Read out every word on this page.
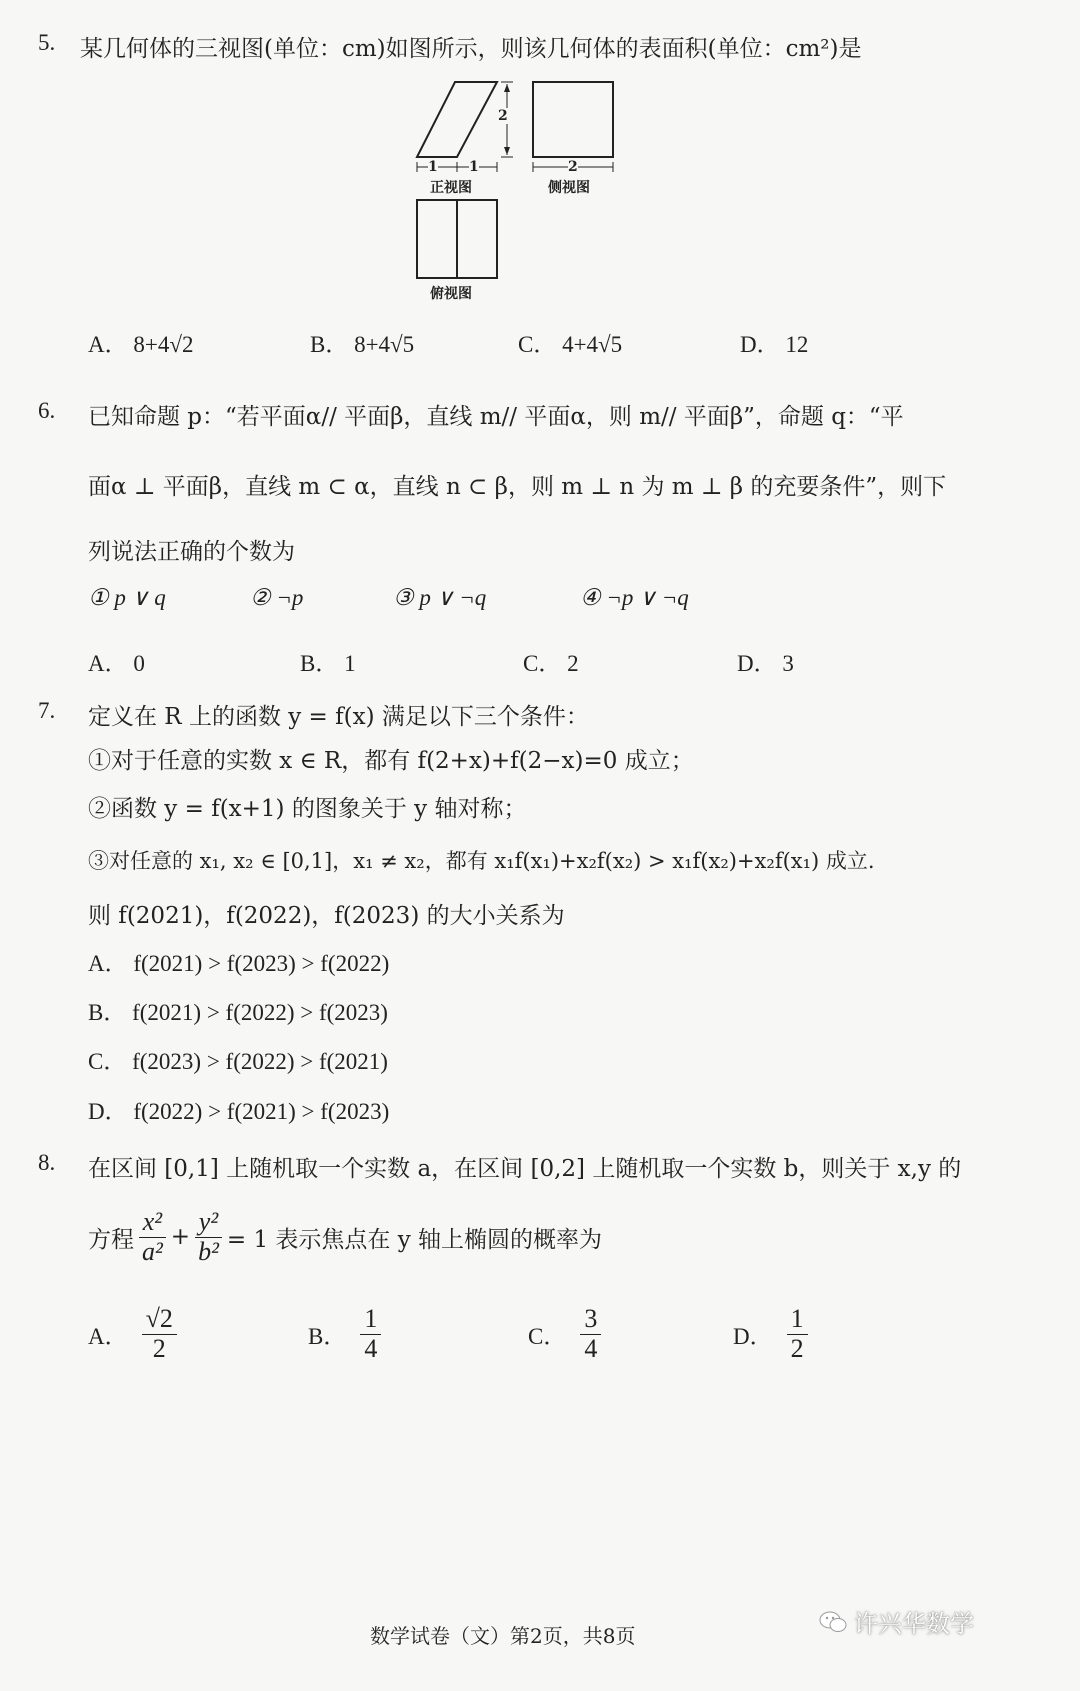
5. 某几何体的三视图(单位：cm)如图所示，则该几何体的表面积(单位：cm²)是
2
1 1	2
正视图	侧视图
俯视图
A． 8+4√2	B． 8+4√5	C． 4+4√5	D． 12
6. 已知命题 p：“若平面α// 平面β，直线 m// 平面α，则 m// 平面β”，命题 q：“平
面α ⊥ 平面β，直线 m ⊂ α，直线 n ⊂ β，则 m ⊥ n 为 m ⊥ β 的充要条件”，则下
列说法正确的个数为
① p ∨ q	② ¬p	③ p ∨ ¬q	④ ¬p ∨ ¬q
A． 0	B． 1	C． 2	D． 3
7. 定义在 R 上的函数 y = f(x) 满足以下三个条件：
①对于任意的实数 x ∈ R，都有 f(2+x)+f(2−x)=0 成立；
②函数 y = f(x+1) 的图象关于 y 轴对称；
③对任意的 x₁, x₂ ∈ [0,1]，x₁ ≠ x₂，都有 x₁f(x₁)+x₂f(x₂) > x₁f(x₂)+x₂f(x₁) 成立.
则 f(2021)，f(2022)，f(2023) 的大小关系为
A． f(2021) > f(2023) > f(2022)
B． f(2021) > f(2022) > f(2023)
C． f(2023) > f(2022) > f(2021)
D． f(2022) > f(2021) > f(2023)
8. 在区间 [0,1] 上随机取一个实数 a，在区间 [0,2] 上随机取一个实数 b，则关于 x,y 的
方程 $\frac{\text{x²}}{\text{a²}} + \frac{\text{y²}}{\text{b²}} = 1$ 表示焦点在 y 轴上椭圆的概率为
A． $\frac{√2}{2}$	B． $\frac{1}{4}$	C． $\frac{3}{4}$	D． $\frac{1}{2}$
数学试卷（文）第2页，共8页	许兴华数学
